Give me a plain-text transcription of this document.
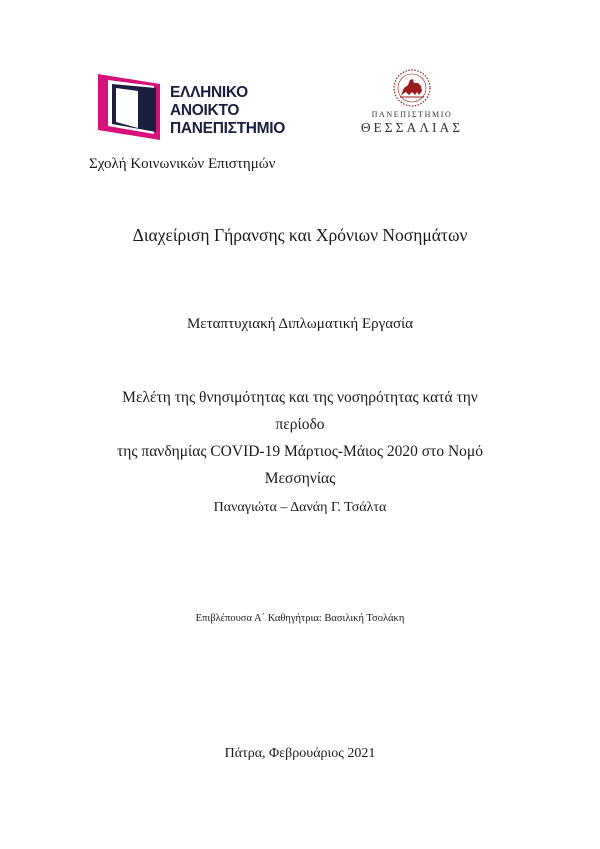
ΕΛΛΗΝΙΚΟ
ΑΝΟΙΚΤΟ
ΠΑΝΕΠΙΣΤΗΜΙΟ
ΠΑΝΕΠΙΣΤΗΜΙΟ
ΘΕΣΣΑΛΙΑΣ
Σχολή Κοινωνικών Επιστημών
Διαχείριση Γήρανσης και Χρόνιων Νοσημάτων
Μεταπτυχιακή Διπλωματική Εργασία
Μελέτη της θνησιμότητας και της νοσηρότητας κατά την περίοδο
της πανδημίας COVID-19 Μάρτιος-Μάιος 2020 στο Νομό
Μεσσηνίας
Παναγιώτα – Δανάη Γ. Τσάλτα
Επιβλέπουσα Α΄ Καθηγήτρια: Βασιλική Τσολάκη
Πάτρα, Φεβρουάριος 2021
